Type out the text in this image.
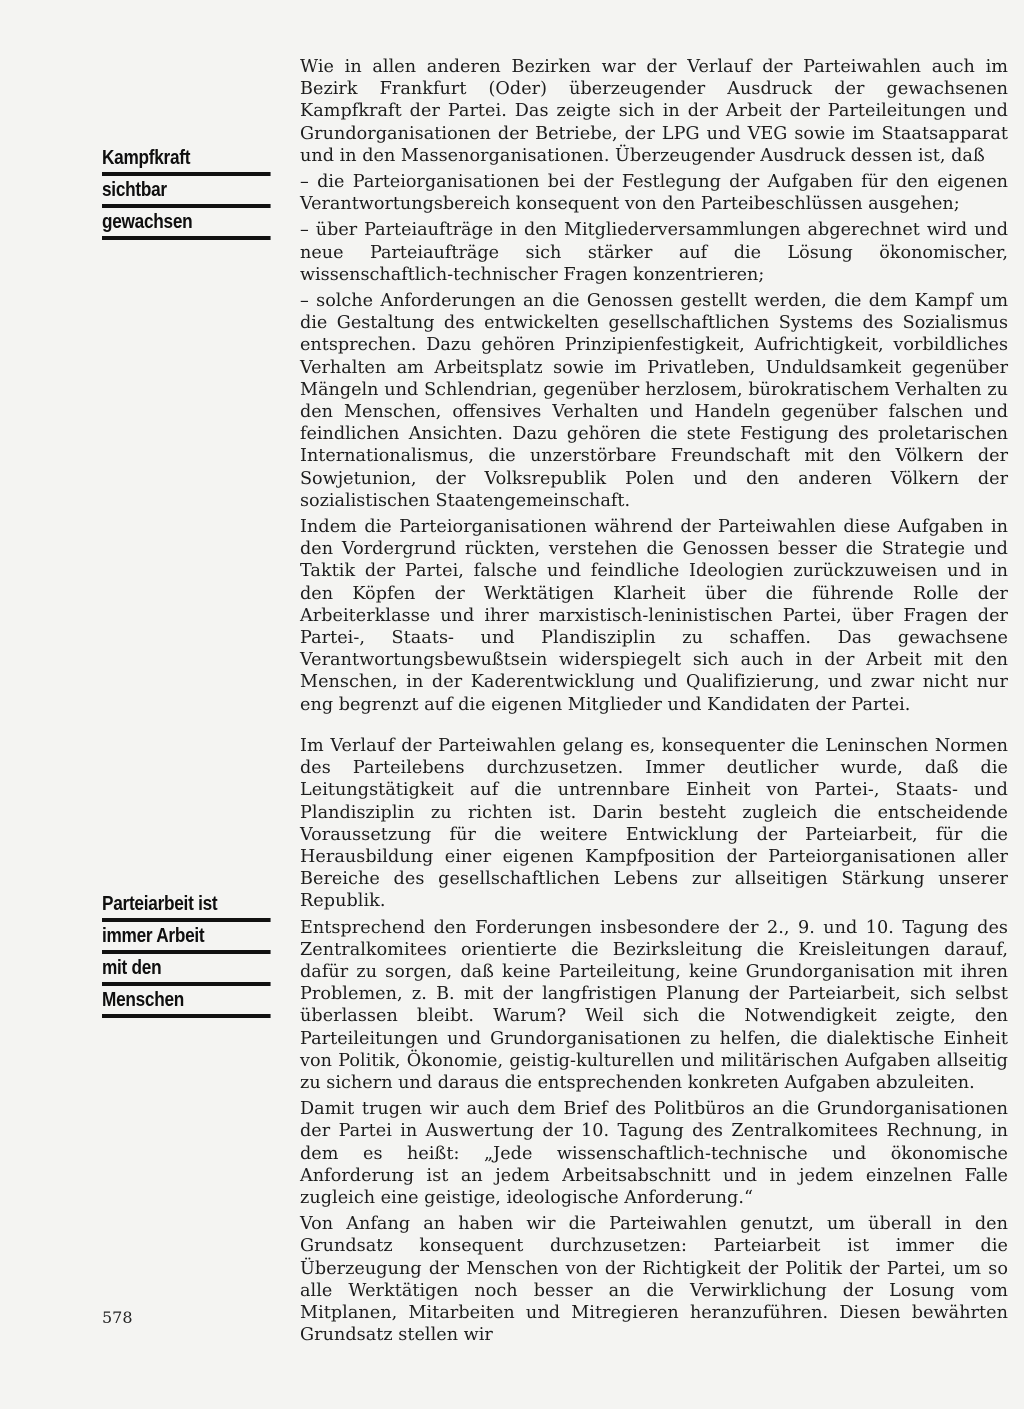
Kampfkraft
sichtbar
gewachsen
Parteiarbeit ist
immer Arbeit
mit den
Menschen

Wie in allen anderen Bezirken war der Verlauf der Parteiwahlen auch im Bezirk Frankfurt (Oder) überzeugender Ausdruck der gewachsenen Kampfkraft der Partei. Das zeigte sich in der Arbeit der Parteileitungen und Grundorganisationen der Betriebe, der LPG und VEG sowie im Staatsapparat und in den Massenorganisationen. Überzeugender Ausdruck dessen ist, daß

– die Parteiorganisationen bei der Festlegung der Aufgaben für den eigenen Verantwortungsbereich konsequent von den Parteibeschlüssen ausgehen;

– über Parteiaufträge in den Mitgliederversammlungen abgerechnet wird und neue Parteiaufträge sich stärker auf die Lösung ökonomischer, wissenschaftlich-technischer Fragen konzentrieren;

– solche Anforderungen an die Genossen gestellt werden, die dem Kampf um die Gestaltung des entwickelten gesellschaftlichen Systems des Sozialismus entsprechen. Dazu gehören Prinzipienfestigkeit, Aufrichtigkeit, vorbildliches Verhalten am Arbeitsplatz sowie im Privatleben, Unduldsamkeit gegenüber Mängeln und Schlendrian, gegenüber herzlosem, bürokratischem Verhalten zu den Menschen, offensives Verhalten und Handeln gegenüber falschen und feindlichen Ansichten. Dazu gehören die stete Festigung des proletarischen Internationalismus, die unzerstörbare Freundschaft mit den Völkern der Sowjetunion, der Volksrepublik Polen und den anderen Völkern der sozialistischen Staatengemeinschaft.

Indem die Parteiorganisationen während der Parteiwahlen diese Aufgaben in den Vordergrund rückten, verstehen die Genossen besser die Strategie und Taktik der Partei, falsche und feindliche Ideologien zurückzuweisen und in den Köpfen der Werktätigen Klarheit über die führende Rolle der Arbeiterklasse und ihrer marxistisch-leninistischen Partei, über Fragen der Partei-, Staats- und Plandisziplin zu schaffen. Das gewachsene Verantwortungsbewußtsein widerspiegelt sich auch in der Arbeit mit den Menschen, in der Kaderentwicklung und Qualifizierung, und zwar nicht nur eng begrenzt auf die eigenen Mitglieder und Kandidaten der Partei.

Im Verlauf der Parteiwahlen gelang es, konsequenter die Leninschen Normen des Parteilebens durchzusetzen. Immer deutlicher wurde, daß die Leitungstätigkeit auf die untrennbare Einheit von Partei-, Staats- und Plandisziplin zu richten ist. Darin besteht zugleich die entscheidende Voraussetzung für die weitere Entwicklung der Parteiarbeit, für die Herausbildung einer eigenen Kampfposition der Parteiorganisationen aller Bereiche des gesellschaftlichen Lebens zur allseitigen Stärkung unserer Republik.

Entsprechend den Forderungen insbesondere der 2., 9. und 10. Tagung des Zentralkomitees orientierte die Bezirksleitung die Kreisleitungen darauf, dafür zu sorgen, daß keine Parteileitung, keine Grundorganisation mit ihren Problemen, z. B. mit der langfristigen Planung der Parteiarbeit, sich selbst überlassen bleibt. Warum? Weil sich die Notwendigkeit zeigte, den Parteileitungen und Grundorganisationen zu helfen, die dialektische Einheit von Politik, Ökonomie, geistig-kulturellen und militärischen Aufgaben allseitig zu sichern und daraus die entsprechenden konkreten Aufgaben abzuleiten.

Damit trugen wir auch dem Brief des Politbüros an die Grundorganisationen der Partei in Auswertung der 10. Tagung des Zentralkomitees Rechnung, in dem es heißt: „Jede wissenschaftlich-technische und ökonomische Anforderung ist an jedem Arbeitsabschnitt und in jedem einzelnen Falle zugleich eine geistige, ideologische Anforderung.“

Von Anfang an haben wir die Parteiwahlen genutzt, um überall in den Grundsatz konsequent durchzusetzen: Parteiarbeit ist immer die Überzeugung der Menschen von der Richtigkeit der Politik der Partei, um so alle Werktätigen noch besser an die Verwirklichung der Losung vom Mitplanen, Mitarbeiten und Mitregieren heranzuführen. Diesen bewährten Grundsatz stellen wir

578
